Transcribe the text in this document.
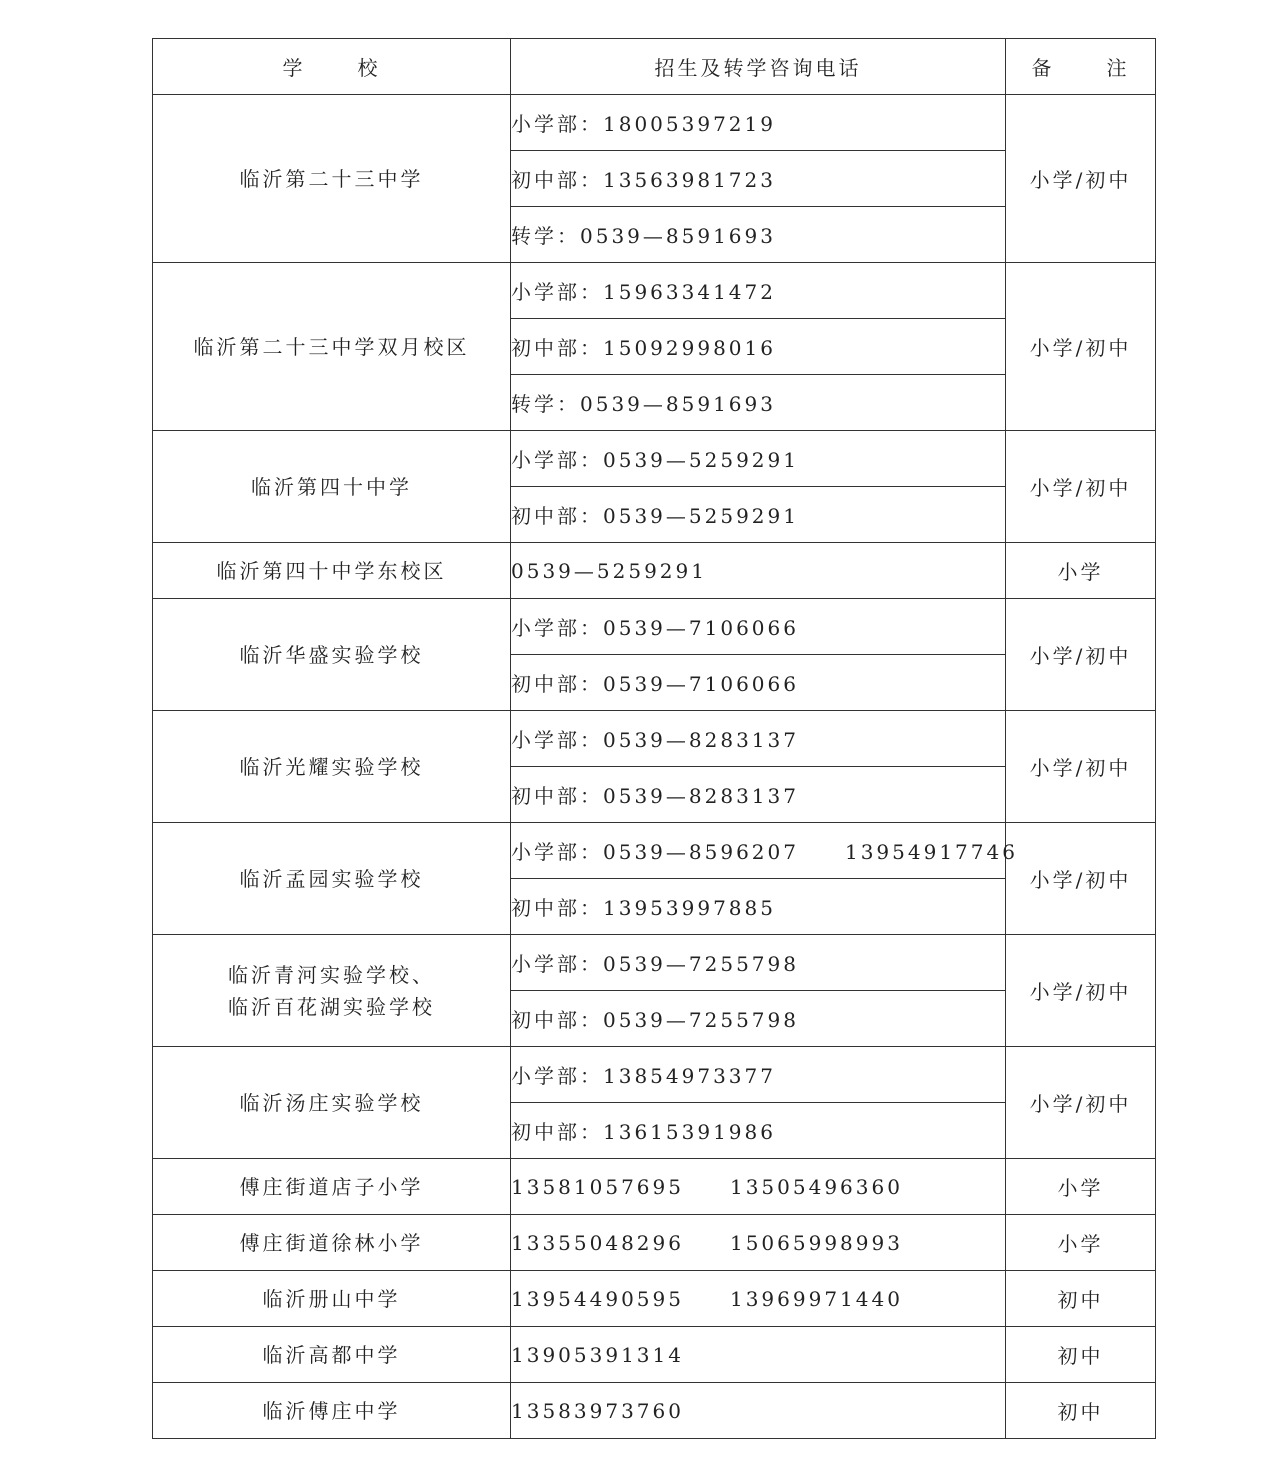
学 校	招生及转学咨询电话	备 注
临沂第二十三中学	小学部：18005397219	小学/初中
	初中部：13563981723	
	转学：0539—8591693	
临沂第二十三中学双月校区	小学部：15963341472	小学/初中
	初中部：15092998016	
	转学：0539—8591693	
临沂第四十中学	小学部：0539—5259291	小学/初中
	初中部：0539—5259291	
临沂第四十中学东校区	0539—5259291	小学
临沂华盛实验学校	小学部：0539—7106066	小学/初中
	初中部：0539—7106066	
临沂光耀实验学校	小学部：0539—8283137	小学/初中
	初中部：0539—8283137	
临沂孟园实验学校	小学部：0539—8596207 13954917746	小学/初中
	初中部：13953997885	
临沂青河实验学校、
临沂百花湖实验学校	小学部：0539—7255798	小学/初中
	初中部：0539—7255798	
临沂汤庄实验学校	小学部：13854973377	小学/初中
	初中部：13615391986	
傅庄街道店子小学	13581057695 13505496360	小学
傅庄街道徐林小学	13355048296 15065998993	小学
临沂册山中学	13954490595 13969971440	初中
临沂高都中学	13905391314	初中
临沂傅庄中学	13583973760	初中
